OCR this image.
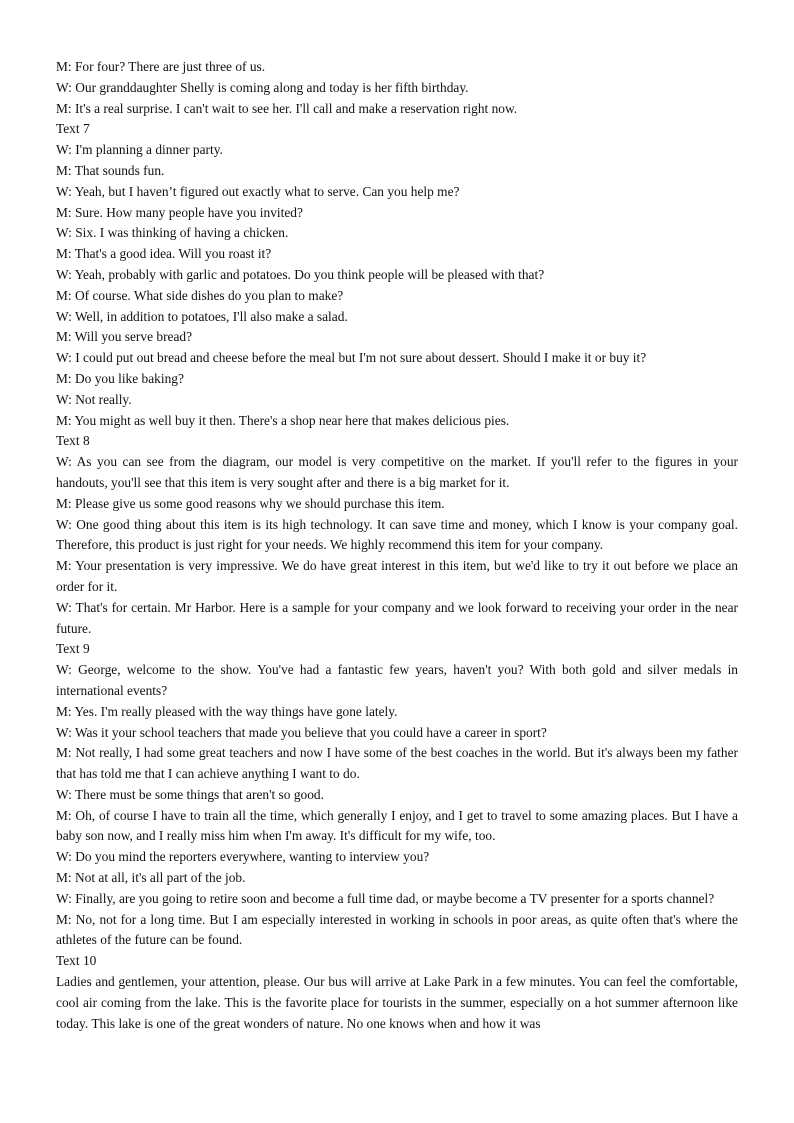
M: For four? There are just three of us.

W: Our granddaughter Shelly is coming along and today is her fifth birthday.

M: It's a real surprise. I can't wait to see her. I'll call and make a reservation right now.

Text 7

W: I'm planning a dinner party.

M: That sounds fun.

W: Yeah, but I haven’t figured out exactly what to serve. Can you help me?

M: Sure. How many people have you invited?

W: Six. I was thinking of having a chicken.

M: That's a good idea. Will you roast it?

W: Yeah, probably with garlic and potatoes. Do you think people will be pleased with that?

M: Of course. What side dishes do you plan to make?

W: Well, in addition to potatoes, I'll also make a salad.

M: Will you serve bread?

W: I could put out bread and cheese before the meal but I'm not sure about dessert. Should I make it or buy it?

M: Do you like baking?

W: Not really.

M: You might as well buy it then. There's a shop near here that makes delicious pies.

Text 8

W: As you can see from the diagram, our model is very competitive on the market. If you'll refer to the figures in your handouts, you'll see that this item is very sought after and there is a big market for it.

M: Please give us some good reasons why we should purchase this item.

W: One good thing about this item is its high technology. It can save time and money, which I know is your company goal. Therefore, this product is just right for your needs. We highly recommend this item for your company.

M: Your presentation is very impressive. We do have great interest in this item, but we'd like to try it out before we place an order for it.

W: That's for certain. Mr Harbor. Here is a sample for your company and we look forward to receiving your order in the near future.

Text 9

W: George, welcome to the show. You've had a fantastic few years, haven't you? With both gold and silver medals in international events?

M: Yes. I'm really pleased with the way things have gone lately.

W: Was it your school teachers that made you believe that you could have a career in sport?

M: Not really, I had some great teachers and now I have some of the best coaches in the world. But it's always been my father that has told me that I can achieve anything I want to do.

W: There must be some things that aren't so good.

M: Oh, of course I have to train all the time, which generally I enjoy, and I get to travel to some amazing places. But I have a baby son now, and I really miss him when I'm away. It's difficult for my wife, too.

W: Do you mind the reporters everywhere, wanting to interview you?

M: Not at all, it's all part of the job.

W: Finally, are you going to retire soon and become a full time dad, or maybe become a TV presenter for a sports channel?

M: No, not for a long time. But I am especially interested in working in schools in poor areas, as quite often that's where the athletes of the future can be found.

Text 10

Ladies and gentlemen, your attention, please. Our bus will arrive at Lake Park in a few minutes. You can feel the comfortable, cool air coming from the lake. This is the favorite place for tourists in the summer, especially on a hot summer afternoon like today. This lake is one of the great wonders of nature. No one knows when and how it was
